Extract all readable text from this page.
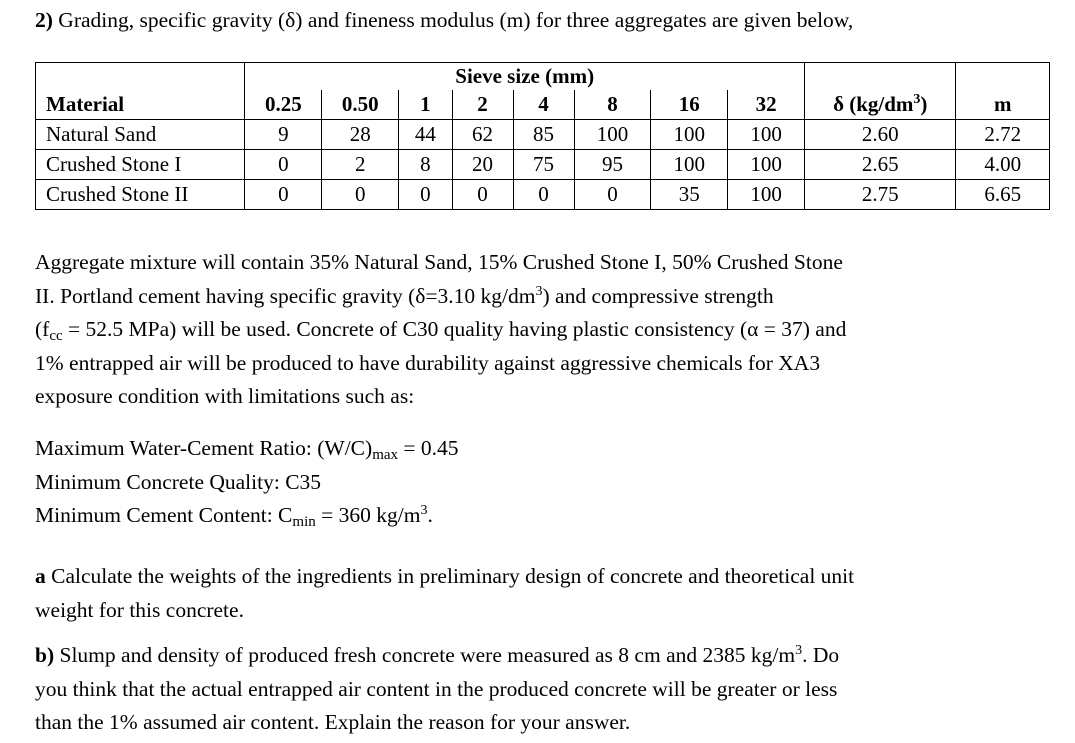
2) Grading, specific gravity (δ) and fineness modulus (m) for three aggregates are given below,
	Sieve size (mm)									
Material	0.25	0.50	1	2	4	8	16	32	δ $(kg/dm^3)$	m
Natural Sand	9	28	44	62	85	100	100	100	2.60	2.72
Crushed Stone I	0	2	8	20	75	95	100	100	2.65	4.00
Crushed Stone II	0	0	0	0	0	0	35	100	2.75	6.65
Aggregate mixture will contain 35% Natural Sand, 15% Crushed Stone I, 50% Crushed Stone
II. Portland cement having specific gravity (δ=3.10 $kg/dm^3$) and compressive strength
($f_{cc} = 52.5$ MPa) will be used. Concrete of C30 quality having plastic consistency (α = 37) and
1% entrapped air will be produced to have durability against aggressive chemicals for XA3
exposure condition with limitations such as:
Maximum Water-Cement Ratio: $(W/C)_{max} = 0.45$
Minimum Concrete Quality: C35
Minimum Cement Content: $C_{min} = 360$ $kg/m^3$.
a Calculate the weights of the ingredients in preliminary design of concrete and theoretical unit
weight for this concrete.
b) Slump and density of produced fresh concrete were measured as 8 cm and 2385 $kg/m^3$. Do
you think that the actual entrapped air content in the produced concrete will be greater or less
than the 1% assumed air content. Explain the reason for your answer.
